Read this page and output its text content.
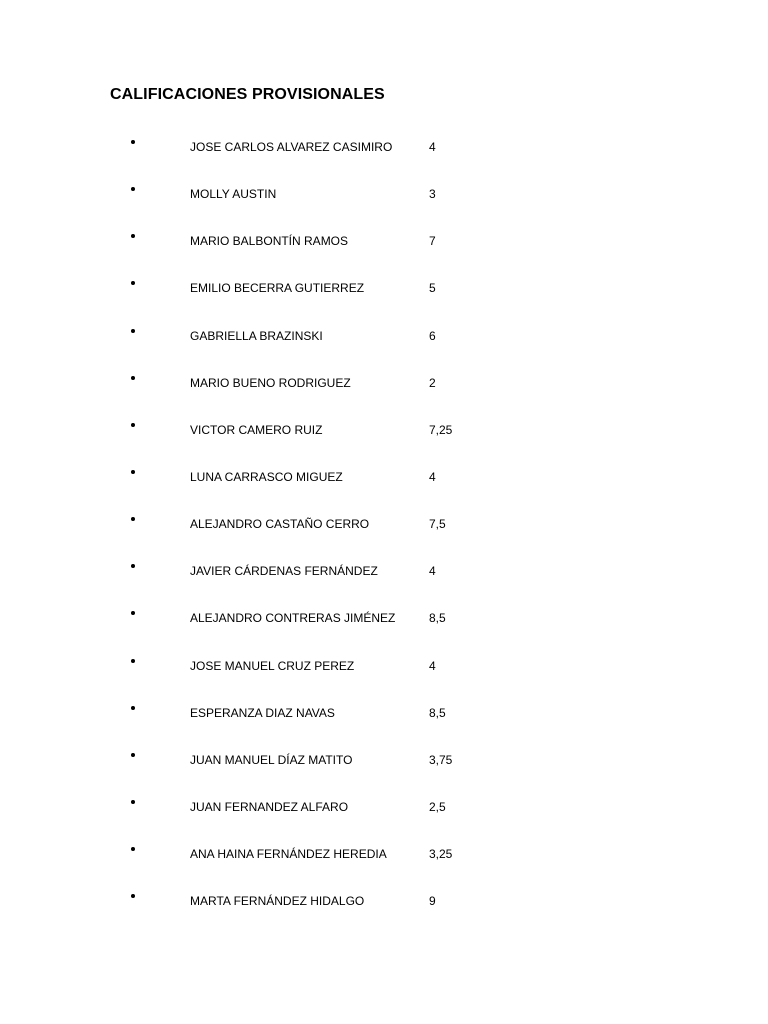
CALIFICACIONES PROVISIONALES
JOSE CARLOS ALVAREZ CASIMIRO	4
MOLLY AUSTIN	3
MARIO BALBONTÍN RAMOS	7
EMILIO BECERRA GUTIERREZ	5
GABRIELLA BRAZINSKI	6
MARIO BUENO RODRIGUEZ	2
VICTOR CAMERO RUIZ	7,25
LUNA CARRASCO MIGUEZ	4
ALEJANDRO CASTAÑO CERRO	7,5
JAVIER CÁRDENAS FERNÁNDEZ	4
ALEJANDRO CONTRERAS JIMÉNEZ	8,5
JOSE MANUEL CRUZ PEREZ	4
ESPERANZA DIAZ NAVAS	8,5
JUAN MANUEL DÍAZ MATITO	3,75
JUAN FERNANDEZ ALFARO	2,5
ANA HAINA FERNÁNDEZ HEREDIA	3,25
MARTA FERNÁNDEZ HIDALGO	9
